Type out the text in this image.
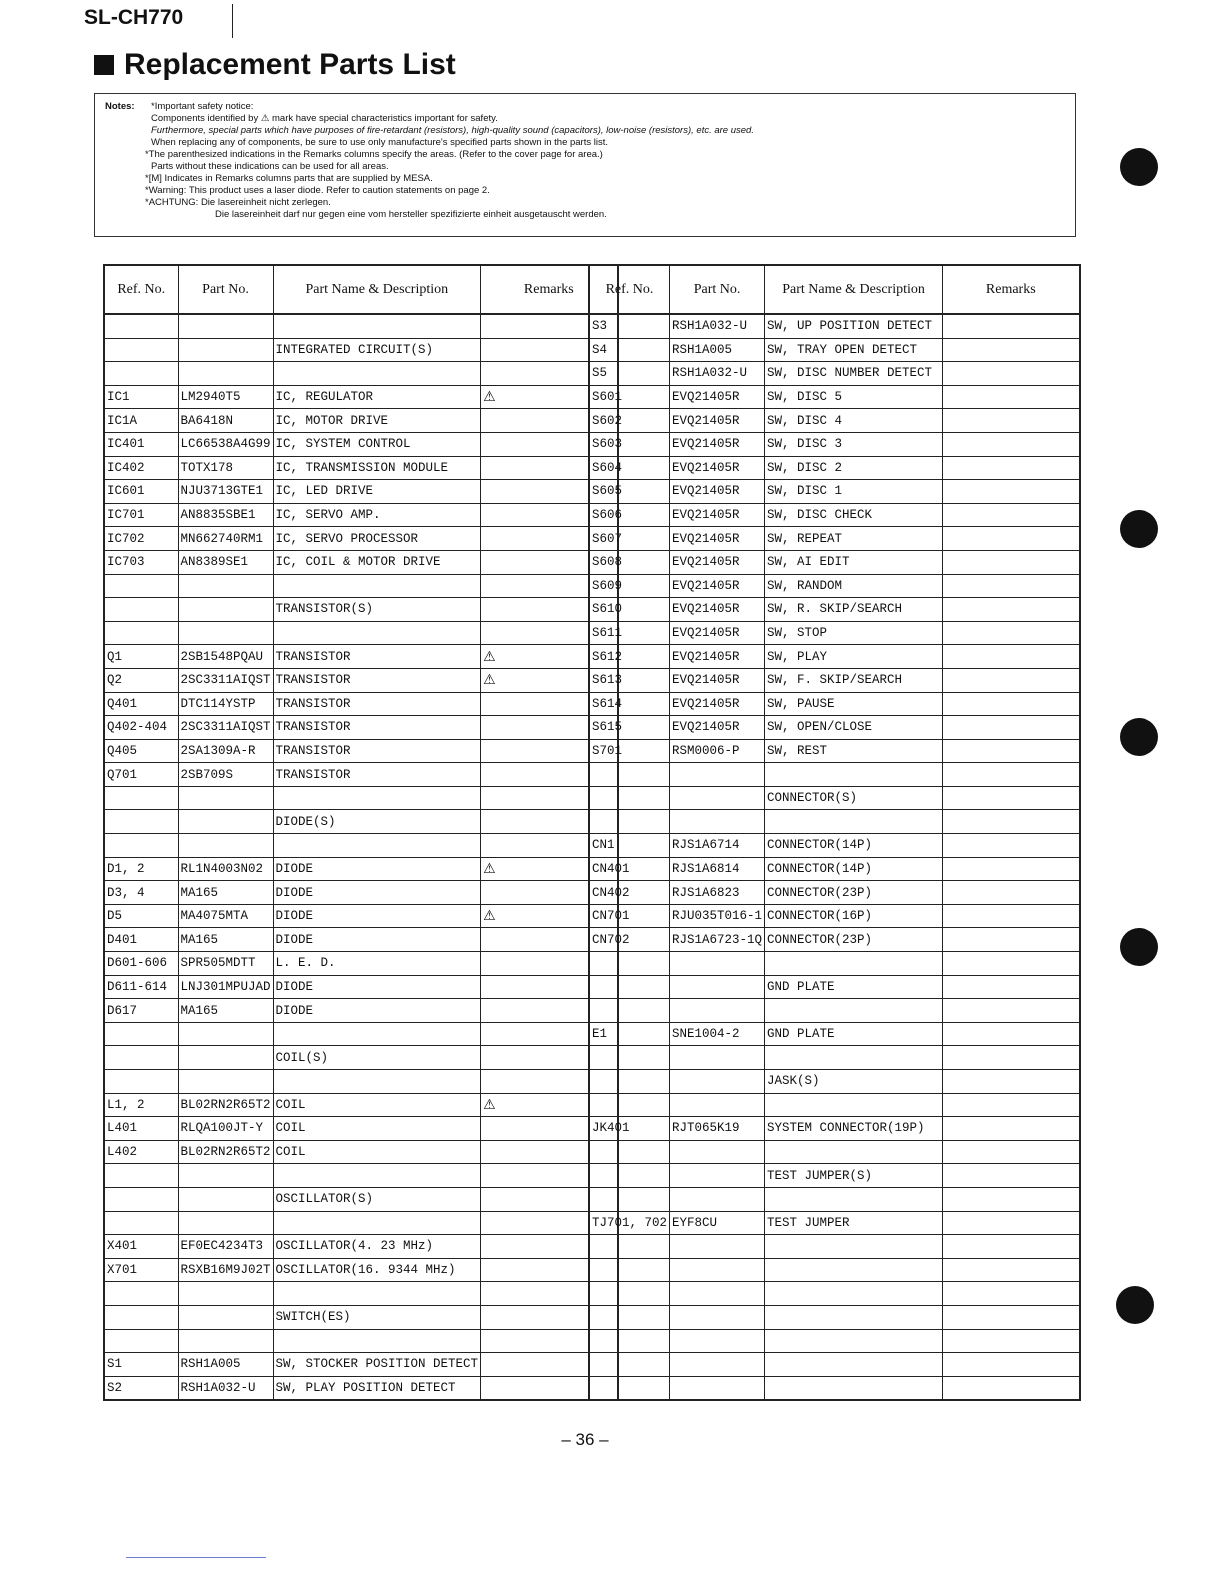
SL-CH770
Replacement Parts List
Notes: *Important safety notice:
Components identified by ⚠ mark have special characteristics important for safety.
Furthermore, special parts which have purposes of fire-retardant (resistors), high-quality sound (capacitors), low-noise (resistors), etc. are used.
When replacing any of components, be sure to use only manufacture's specified parts shown in the parts list.
*The parenthesized indications in the Remarks columns specify the areas. (Refer to the cover page for area.)
Parts without these indications can be used for all areas.
*[M] Indicates in Remarks columns parts that are supplied by MESA.
*Warning: This product uses a laser diode. Refer to caution statements on page 2.
*ACHTUNG: Die lasereinheit nicht zerlegen.
Die lasereinheit darf nur gegen eine vom hersteller spezifizierte einheit ausgetauscht werden.
Ref. No.	Part No.	Part Name & Description	Remarks

		INTEGRATED CIRCUIT(S)	

IC1	LM2940T5	IC, REGULATOR	⚠
IC1A	BA6418N	IC, MOTOR DRIVE	
IC401	LC66538A4G99	IC, SYSTEM CONTROL	
IC402	TOTX178	IC, TRANSMISSION MODULE	
IC601	NJU3713GTE1	IC, LED DRIVE	
IC701	AN8835SBE1	IC, SERVO AMP.	
IC702	MN662740RM1	IC, SERVO PROCESSOR	
IC703	AN8389SE1	IC, COIL & MOTOR DRIVE	

		TRANSISTOR(S)	

Q1	2SB1548PQAU	TRANSISTOR	⚠
Q2	2SC3311AIQST	TRANSISTOR	⚠
Q401	DTC114YSTP	TRANSISTOR	
Q402-404	2SC3311AIQST	TRANSISTOR	
Q405	2SA1309A-R	TRANSISTOR	
Q701	2SB709S	TRANSISTOR	

		DIODE(S)	

D1, 2	RL1N4003N02	DIODE	⚠
D3, 4	MA165	DIODE	
D5	MA4075MTA	DIODE	⚠
D401	MA165	DIODE	
D601-606	SPR505MDTT	L. E. D.	
D611-614	LNJ301MPUJAD	DIODE	
D617	MA165	DIODE	

		COIL(S)	

L1, 2	BL02RN2R65T2	COIL	⚠
L401	RLQA100JT-Y	COIL	
L402	BL02RN2R65T2	COIL	

		OSCILLATOR(S)	

X401	EF0EC4234T3	OSCILLATOR(4. 23 MHz)	
X701	RSXB16M9J02T	OSCILLATOR(16. 9344 MHz)	

		SWITCH(ES)	

S1	RSH1A005	SW, STOCKER POSITION DETECT	
S2	RSH1A032-U	SW, PLAY POSITION DETECT	
Ref. No.	Part No.	Part Name & Description	Remarks
S3	RSH1A032-U	SW, UP POSITION DETECT	
S4	RSH1A005	SW, TRAY OPEN DETECT	
S5	RSH1A032-U	SW, DISC NUMBER DETECT	
S601	EVQ21405R	SW, DISC 5	
S602	EVQ21405R	SW, DISC 4	
S603	EVQ21405R	SW, DISC 3	
S604	EVQ21405R	SW, DISC 2	
S605	EVQ21405R	SW, DISC 1	
S606	EVQ21405R	SW, DISC CHECK	
S607	EVQ21405R	SW, REPEAT	
S608	EVQ21405R	SW, AI EDIT	
S609	EVQ21405R	SW, RANDOM	
S610	EVQ21405R	SW, R. SKIP/SEARCH	
S611	EVQ21405R	SW, STOP	
S612	EVQ21405R	SW, PLAY	
S613	EVQ21405R	SW, F. SKIP/SEARCH	
S614	EVQ21405R	SW, PAUSE	
S615	EVQ21405R	SW, OPEN/CLOSE	
S701	RSM0006-P	SW, REST	

		CONNECTOR(S)	

CN1	RJS1A6714	CONNECTOR(14P)	
CN401	RJS1A6814	CONNECTOR(14P)	
CN402	RJS1A6823	CONNECTOR(23P)	
CN701	RJU035T016-1	CONNECTOR(16P)	
CN702	RJS1A6723-1Q	CONNECTOR(23P)	

		GND PLATE	

E1	SNE1004-2	GND PLATE	

		JASK(S)	

JK401	RJT065K19	SYSTEM CONNECTOR(19P)	

		TEST JUMPER(S)	

TJ701, 702	EYF8CU	TEST JUMPER	

– 36 –
